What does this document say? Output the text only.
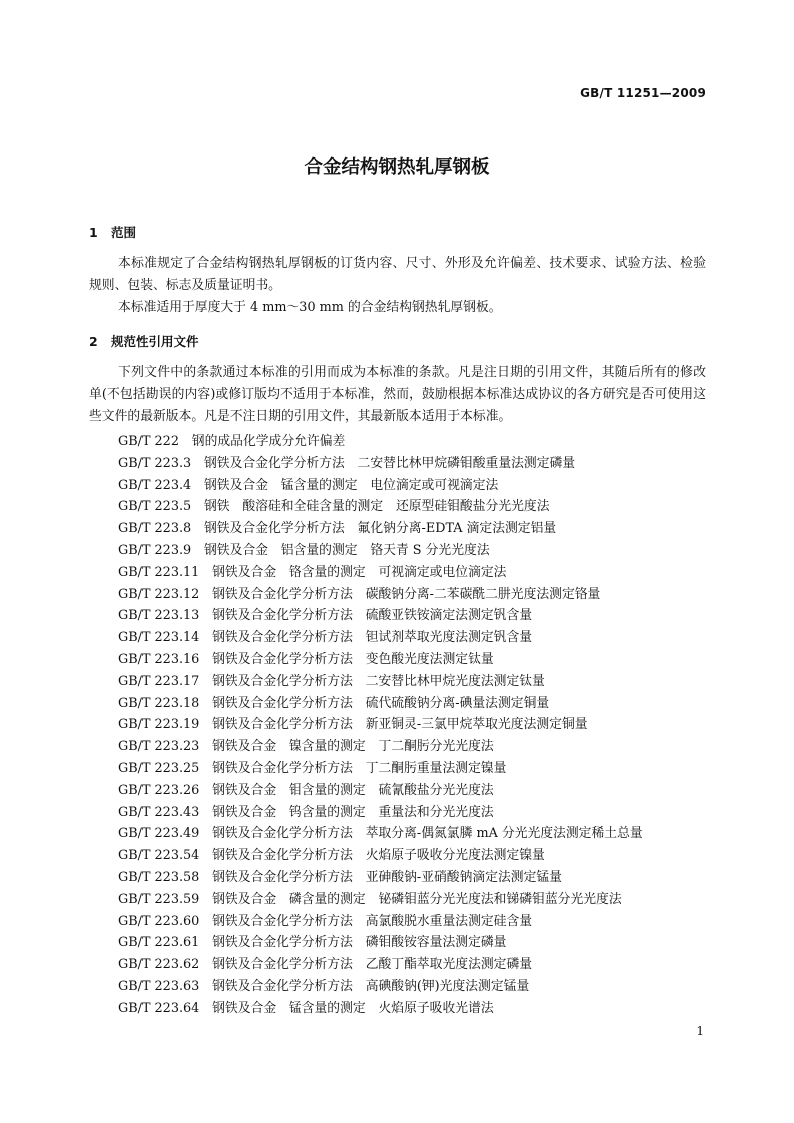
GB/T 11251—2009
合金结构钢热轧厚钢板
1 范围
本标准规定了合金结构钢热轧厚钢板的订货内容、尺寸、外形及允许偏差、技术要求、试验方法、检验规则、包装、标志及质量证明书。
本标准适用于厚度大于 4 mm～30 mm 的合金结构钢热轧厚钢板。
2 规范性引用文件
下列文件中的条款通过本标准的引用而成为本标准的条款。凡是注日期的引用文件，其随后所有的修改单(不包括勘误的内容)或修订版均不适用于本标准，然而，鼓励根据本标准达成协议的各方研究是否可使用这些文件的最新版本。凡是不注日期的引用文件，其最新版本适用于本标准。
GB/T 222　 钢的成品化学成分允许偏差
GB/T 223.3　 钢铁及合金化学分析方法　二安替比林甲烷磷钼酸重量法测定磷量
GB/T 223.4　 钢铁及合金　锰含量的测定　电位滴定或可视滴定法
GB/T 223.5　 钢铁　酸溶硅和全硅含量的测定　还原型硅钼酸盐分光光度法
GB/T 223.8　 钢铁及合金化学分析方法　氟化钠分离-EDTA 滴定法测定铝量
GB/T 223.9　 钢铁及合金　铝含量的测定　铬天青 S 分光光度法
GB/T 223.11　 钢铁及合金　铬含量的测定　可视滴定或电位滴定法
GB/T 223.12　 钢铁及合金化学分析方法　碳酸钠分离-二苯碳酰二肼光度法测定铬量
GB/T 223.13　 钢铁及合金化学分析方法　硫酸亚铁铵滴定法测定钒含量
GB/T 223.14　 钢铁及合金化学分析方法　钽试剂萃取光度法测定钒含量
GB/T 223.16　 钢铁及合金化学分析方法　变色酸光度法测定钛量
GB/T 223.17　 钢铁及合金化学分析方法　二安替比林甲烷光度法测定钛量
GB/T 223.18　 钢铁及合金化学分析方法　硫代硫酸钠分离-碘量法测定铜量
GB/T 223.19　 钢铁及合金化学分析方法　新亚铜灵-三氯甲烷萃取光度法测定铜量
GB/T 223.23　 钢铁及合金　镍含量的测定　丁二酮肟分光光度法
GB/T 223.25　 钢铁及合金化学分析方法　丁二酮肟重量法测定镍量
GB/T 223.26　 钢铁及合金　钼含量的测定　硫氰酸盐分光光度法
GB/T 223.43　 钢铁及合金　钨含量的测定　重量法和分光光度法
GB/T 223.49　 钢铁及合金化学分析方法　萃取分离-偶氮氯膦 mA 分光光度法测定稀土总量
GB/T 223.54　 钢铁及合金化学分析方法　火焰原子吸收分光度法测定镍量
GB/T 223.58　 钢铁及合金化学分析方法　亚砷酸钠-亚硝酸钠滴定法测定锰量
GB/T 223.59　 钢铁及合金　磷含量的测定　铋磷钼蓝分光光度法和锑磷钼蓝分光光度法
GB/T 223.60　 钢铁及合金化学分析方法　高氯酸脱水重量法测定硅含量
GB/T 223.61　 钢铁及合金化学分析方法　磷钼酸铵容量法测定磷量
GB/T 223.62　 钢铁及合金化学分析方法　乙酸丁酯萃取光度法测定磷量
GB/T 223.63　 钢铁及合金化学分析方法　高碘酸钠(钾)光度法测定锰量
GB/T 223.64　 钢铁及合金　锰含量的测定　火焰原子吸收光谱法
1
